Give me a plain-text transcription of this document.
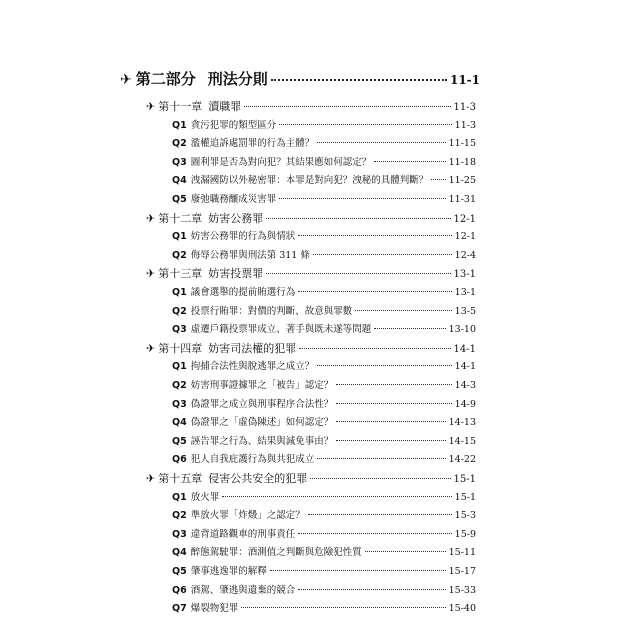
✈ 第二部分 刑法分則	11-1
✈ 第十一章 瀆職罪	11-3
Q1 貪污犯罪的類型區分	11-3
Q2 濫權追訴處罰罪的行為主體？	11-15
Q3 圖利罪是否為對向犯？其結果應如何認定？	11-18
Q4 洩漏國防以外秘密罪：本罪是對向犯？洩秘的具體判斷？ 11-25
Q5 廢弛職務釀成災害罪	11-31
✈ 第十二章 妨害公務罪	12-1
Q1 妨害公務罪的行為與情狀	12-1
Q2 侮辱公務罪與刑法第 311 條	12-4
✈ 第十三章 妨害投票罪	13-1
Q1 議會選舉的提前賄選行為	13-1
Q2 投票行賄罪：對價的判斷、故意與罪數	13-5
Q3 虛遷戶籍投票罪成立、著手與既未遂等問題	13-10
✈ 第十四章 妨害司法權的犯罪	14-1
Q1 拘捕合法性與脫逃罪之成立？	14-1
Q2 妨害刑事證據罪之「被告」認定？	14-3
Q3 偽證罪之成立與刑事程序合法性？	14-9
Q4 偽證罪之「虛偽陳述」如何認定？	14-13
Q5 誣告罪之行為、結果與減免事由？	14-15
Q6 犯人自我庇護行為與共犯成立	14-22
✈ 第十五章 侵害公共安全的犯罪	15-1
Q1 放火罪	15-1
Q2 準放火罪「炸燬」之認定？	15-3
Q3 違背道路觀車的刑事責任	15-9
Q4 醉態駕駛罪：酒測值之判斷與危險犯性質	15-11
Q5 肇事逃逸罪的解釋	15-17
Q6 酒駕、肇逃與遺棄的競合	15-33
Q7 爆裂物犯罪	15-40
